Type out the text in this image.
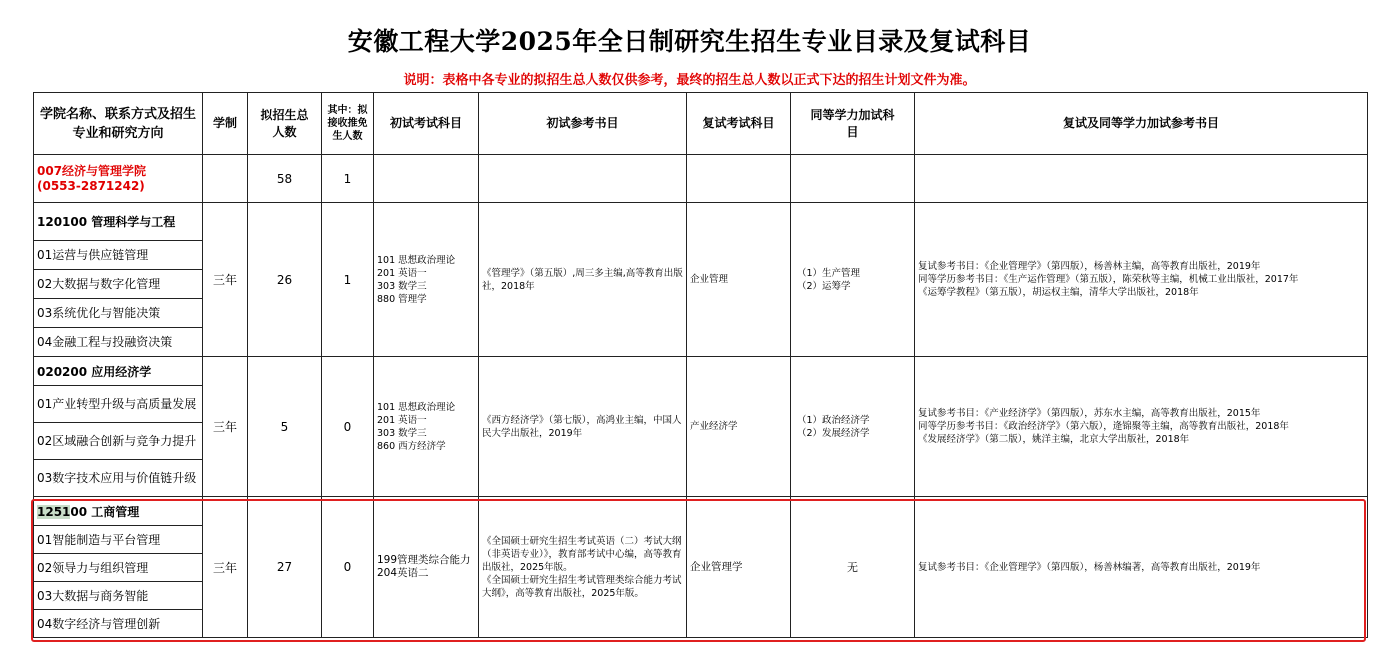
安徽工程大学2025年全日制研究生招生专业目录及复试科目
说明：表格中各专业的拟招生总人数仅供参考，最终的招生总人数以正式下达的招生计划文件为准。
学院名称、联系方式及招生专业和研究方向	学制	拟招生总人数	其中：拟接收推免生人数	初试考试科目	初试参考书目	复试考试科目	同等学力加试科目	复试及同等学力加试参考书目

007经济与管理学院
(0553-2871242)		58	1					
120100 管理科学与工程	三年	26	1	101 思想政治理论
201 英语一
303 数学三
880 管理学	《管理学》（第五版）,周三多主编,高等教育出版社，2018年	企业管理	（1）生产管理
（2）运筹学	复试参考书目：《企业管理学》（第四版），杨善林主编，高等教育出版社，2019年
同等学历参考书目：《生产运作管理》（第五版），陈荣秋等主编，机械工业出版社，2017年
《运筹学教程》（第五版），胡运权主编，清华大学出版社，2018年
01运营与供应链管理								
02大数据与数字化管理								
03系统优化与智能决策								
04金融工程与投融资决策								
020200 应用经济学	三年	5	0	101 思想政治理论
201 英语一
303 数学三
860 西方经济学	《西方经济学》（第七版），高鸿业主编，中国人民大学出版社，2019年	产业经济学	（1）政治经济学
（2）发展经济学	复试参考书目：《产业经济学》（第四版），苏东水主编，高等教育出版社，2015年
同等学历参考书目：《政治经济学》（第六版），逄锦聚等主编，高等教育出版社，2018年
《发展经济学》（第二版），姚洋主编，北京大学出版社，2018年
01产业转型升级与高质量发展								
02区域融合创新与竞争力提升								
03数字技术应用与价值链升级								
125100 工商管理	三年	27	0	199管理类综合能力
204英语二	《全国硕士研究生招生考试英语（二）考试大纲（非英语专业）》，教育部考试中心编，高等教育出版社，2025年版。
《全国硕士研究生招生考试管理类综合能力考试大纲》，高等教育出版社，2025年版。	企业管理学	无	复试参考书目：《企业管理学》（第四版），杨善林编著，高等教育出版社，2019年
01智能制造与平台管理								
02领导力与组织管理								
03大数据与商务智能								
04数字经济与管理创新								
